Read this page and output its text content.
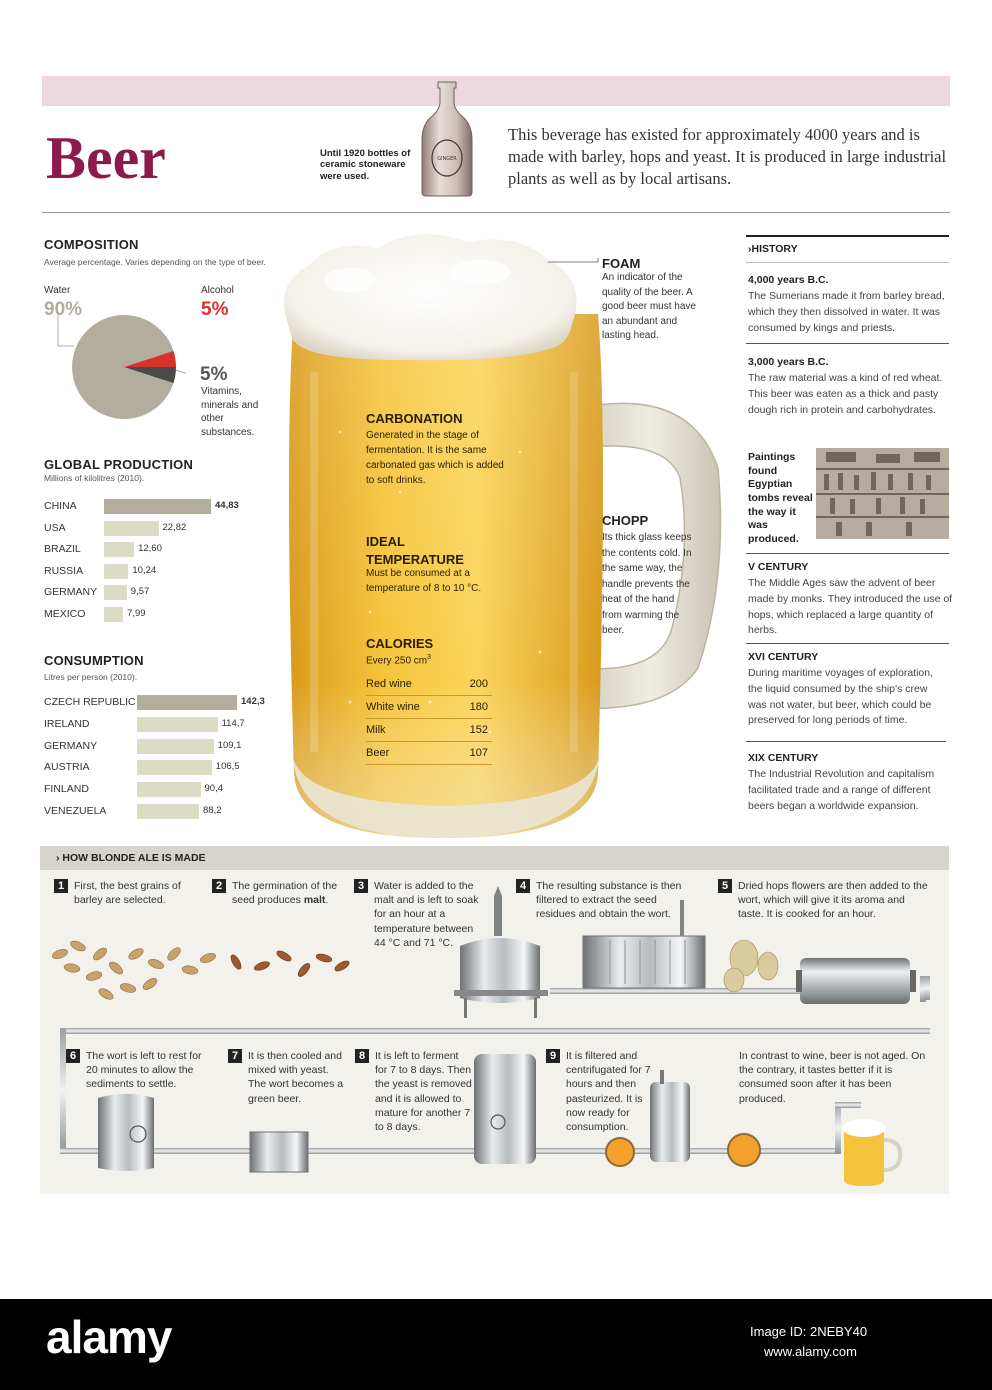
Beer	GINGER
Until 1920 bottles of ceramic stoneware were used.
This beverage has existed for approximately 4000 years and is made with barley, hops and yeast. It is produced in large industrial plants as well as by local artisans.
COMPOSITION
Average percentage. Varies depending on the type of beer.
Water
90%
Alcohol
5%
5%
Vitamins, minerals and other substances.
GLOBAL PRODUCTION
Millions of kilolitres (2010).
CHINA	44,83
USA	22,82
BRAZIL	12,60
RUSSIA	10,24
GERMANY	9,57
MEXICO	7,99
CONSUMPTION
Litres per person (2010).
CZECH REPUBLIC	142,3
IRELAND	114,7
GERMANY	109,1
AUSTRIA	106,5
FINLAND	90,4
VENEZUELA	88,2
FOAM
An indicator of the quality of the beer. A good beer must have an abundant and lasting head.
CARBONATION
Generated in the stage of fermentation. It is the same carbonated gas which is added to soft drinks.
IDEAL TEMPERATURE
Must be consumed at a temperature of 8 to 10 °C.
CALORIES
Every 250 $cm^3$
Red wine	200
White wine	180
Milk	152
Beer	107
CHOPP
Its thick glass keeps the contents cold. In the same way, the handle prevents the heat of the hand from warming the beer.
›HISTORY
4,000 years B.C.
The Sumerians made it from barley bread, which they then dissolved in water. It was consumed by kings and priests.
3,000 years B.C.
The raw material was a kind of red wheat. This beer was eaten as a thick and pasty dough rich in protein and carbohydrates.
Paintings found Egyptian tombs reveal the way it was produced.
V CENTURY
The Middle Ages saw the advent of beer made by monks. They introduced the use of hops, which replaced a large quantity of herbs.
XVI CENTURY
During maritime voyages of exploration, the liquid consumed by the ship's crew was not water, but beer, which could be preserved for long periods of time.
XIX CENTURY
The Industrial Revolution and capitalism facilitated trade and a range of different beers began a worldwide expansion.
› HOW BLONDE ALE IS MADE
1 First, the best grains of barley are selected.
2 The germination of the seed produces malt.
3 Water is added to the malt and is left to soak for an hour at a temperature between 44 °C and 71 °C.
4 The resulting substance is then filtered to extract the seed residues and obtain the wort.
5 Dried hops flowers are then added to the wort, which will give it its aroma and taste. It is cooked for an hour.
6 The wort is left to rest for 20 minutes to allow the sediments to settle.
7 It is then cooled and mixed with yeast. The wort becomes a green beer.
8 It is left to ferment for 7 to 8 days. Then the yeast is removed and it is allowed to mature for another 7 to 8 days.
9 It is filtered and centrifugated for 7 hours and then pasteurized. It is now ready for consumption.
In contrast to wine, beer is not aged. On the contrary, it tastes better if it is consumed soon after it has been produced.
alamy	Image ID: 2NEBY40
www.alamy.com
